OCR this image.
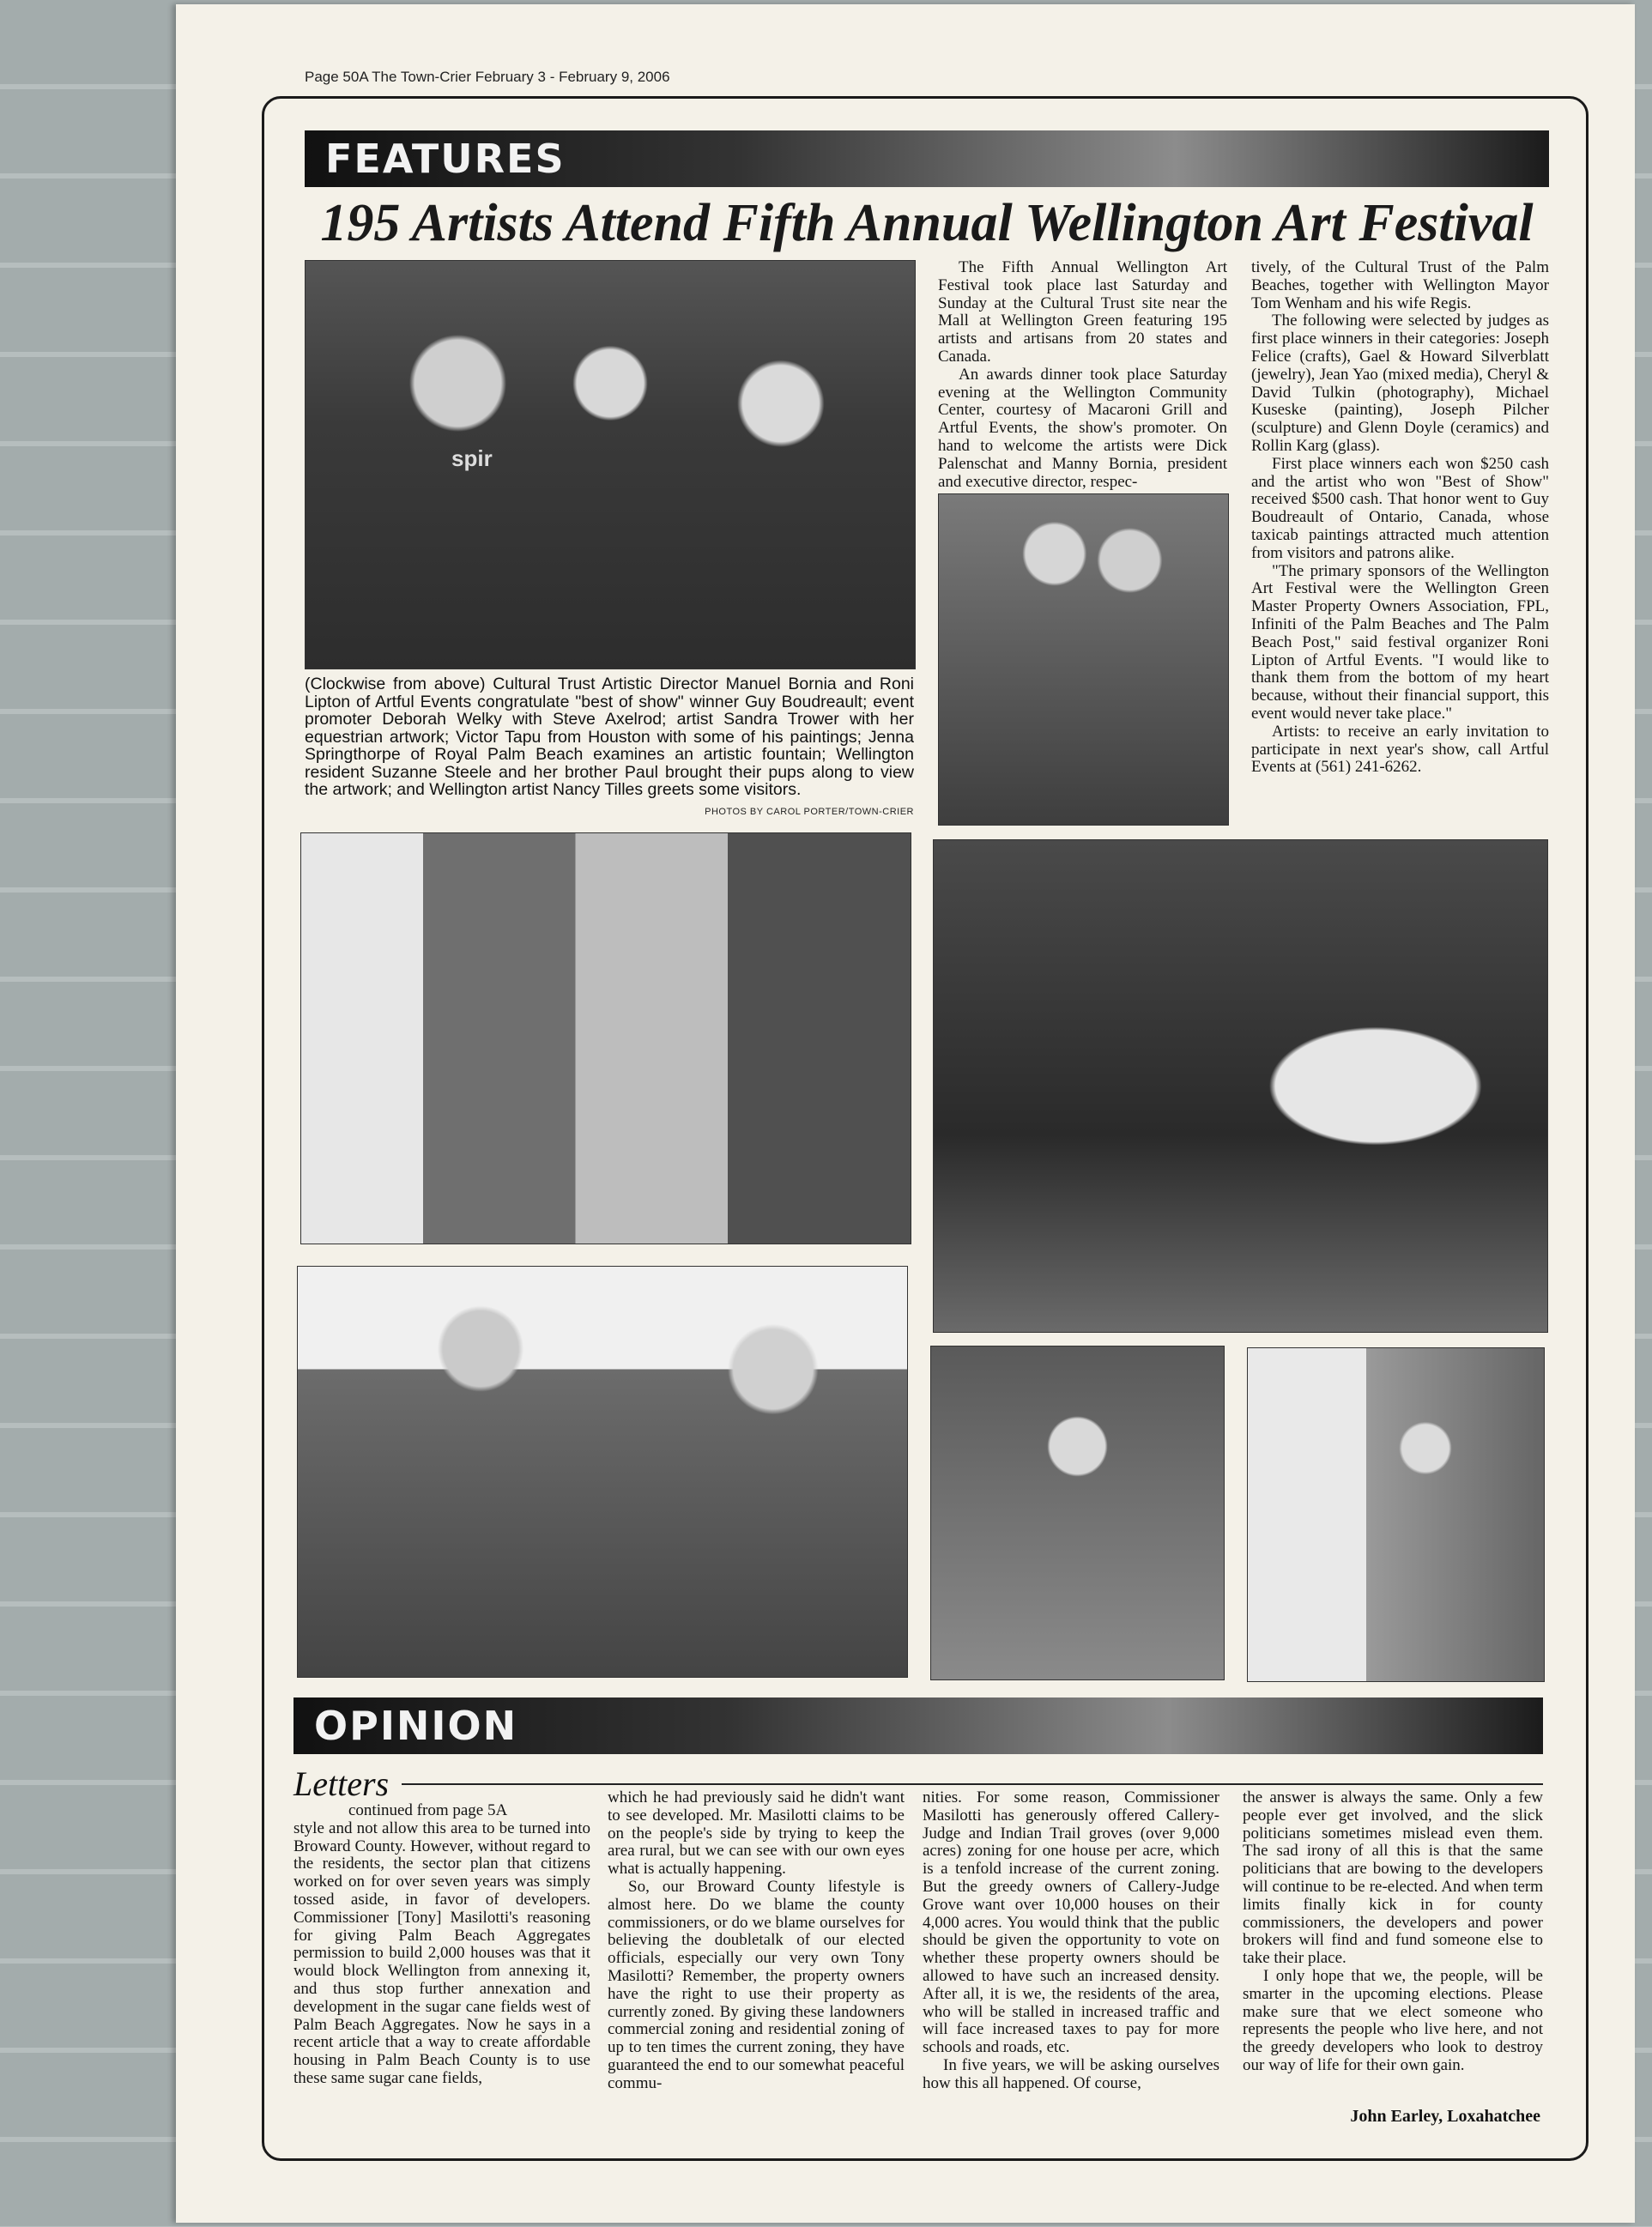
Page 50A The Town-Crier February 3 - February 9, 2006
FEATURES
195 Artists Attend Fifth Annual Wellington Art Festival
spir
(Clockwise from above) Cultural Trust Artistic Director Manuel Bornia and Roni Lipton of Artful Events congratulate "best of show" winner Guy Boudreault; event promoter Deborah Welky with Steve Axelrod; artist Sandra Trower with her equestrian artwork; Victor Tapu from Houston with some of his paintings; Jenna Springthorpe of Royal Palm Beach examines an artistic fountain; Wellington resident Suzanne Steele and her brother Paul brought their pups along to view the artwork; and Wellington artist Nancy Tilles greets some visitors.
PHOTOS BY CAROL PORTER/TOWN-CRIER

The Fifth Annual Wellington Art Festival took place last Saturday and Sunday at the Cultural Trust site near the Mall at Wellington Green featuring 195 artists and artisans from 20 states and Canada.

An awards dinner took place Saturday evening at the Wellington Community Center, courtesy of Macaroni Grill and Artful Events, the show's promoter. On hand to welcome the artists were Dick Palenschat and Manny Bornia, president and executive director, respec-

tively, of the Cultural Trust of the Palm Beaches, together with Wellington Mayor Tom Wenham and his wife Regis.

The following were selected by judges as first place winners in their categories: Joseph Felice (crafts), Gael & Howard Silverblatt (jewelry), Jean Yao (mixed media), Cheryl & David Tulkin (photography), Michael Kuseske (painting), Joseph Pilcher (sculpture) and Glenn Doyle (ceramics) and Rollin Karg (glass).

First place winners each won $250 cash and the artist who won "Best of Show" received $500 cash. That honor went to Guy Boudreault of Ontario, Canada, whose taxicab paintings attracted much attention from visitors and patrons alike.

"The primary sponsors of the Wellington Art Festival were the Wellington Green Master Property Owners Association, FPL, Infiniti of the Palm Beaches and The Palm Beach Post," said festival organizer Roni Lipton of Artful Events. "I would like to thank them from the bottom of my heart because, without their financial support, this event would never take place."

Artists: to receive an early invitation to participate in next year's show, call Artful Events at (561) 241-6262.

OPINION
Letters

continued from page 5A

style and not allow this area to be turned into Broward County. However, without regard to the residents, the sector plan that citizens worked on for over seven years was simply tossed aside, in favor of developers. Commissioner [Tony] Masilotti's reasoning for giving Palm Beach Aggregates permission to build 2,000 houses was that it would block Wellington from annexing it, and thus stop further annexation and development in the sugar cane fields west of Palm Beach Aggregates. Now he says in a recent article that a way to create affordable housing in Palm Beach County is to use these same sugar cane fields,

which he had previously said he didn't want to see developed. Mr. Masilotti claims to be on the people's side by trying to keep the area rural, but we can see with our own eyes what is actually happening.

So, our Broward County lifestyle is almost here. Do we blame the county commissioners, or do we blame ourselves for believing the doubletalk of our elected officials, especially our very own Tony Masilotti? Remember, the property owners have the right to use their property as currently zoned. By giving these landowners commercial zoning and residential zoning of up to ten times the current zoning, they have guaranteed the end to our somewhat peaceful commu-

nities. For some reason, Commissioner Masilotti has generously offered Callery-Judge and Indian Trail groves (over 9,000 acres) zoning for one house per acre, which is a tenfold increase of the current zoning. But the greedy owners of Callery-Judge Grove want over 10,000 houses on their 4,000 acres. You would think that the public should be given the opportunity to vote on whether these property owners should be allowed to have such an increased density. After all, it is we, the residents of the area, who will be stalled in increased traffic and will face increased taxes to pay for more schools and roads, etc.

In five years, we will be asking ourselves how this all happened. Of course,

the answer is always the same. Only a few people ever get involved, and the slick politicians sometimes mislead even them. The sad irony of all this is that the same politicians that are bowing to the developers will continue to be re-elected. And when term limits finally kick in for county commissioners, the developers and power brokers will find and fund someone else to take their place.

I only hope that we, the people, will be smarter in the upcoming elections. Please make sure that we elect someone who represents the people who live here, and not the greedy developers who look to destroy our way of life for their own gain.

John Earley, Loxahatchee
